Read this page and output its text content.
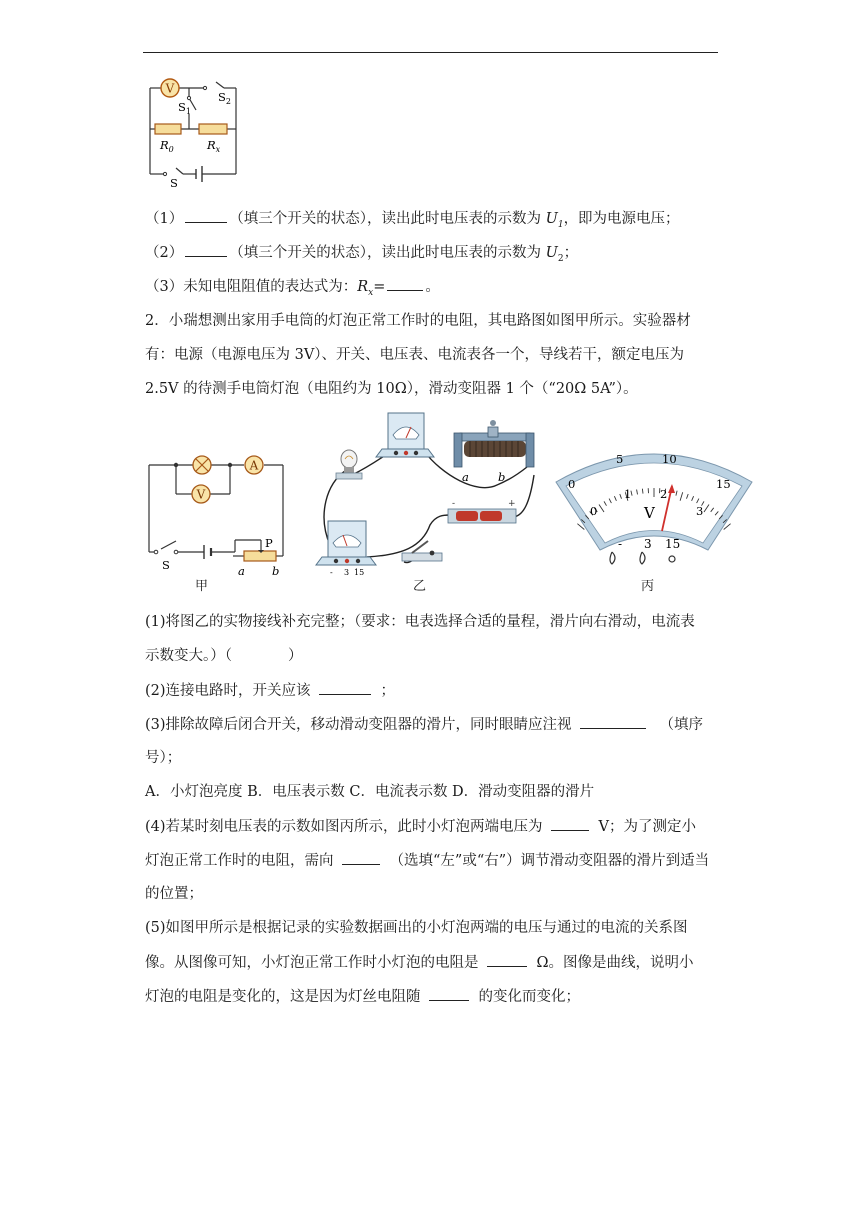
V
$S_2$
$S_1$
$R_0$	$R_x$
S
（1）	（填三个开关的状态），读出此时电压表的示数为 $U_1$，即为电源电压；
（2）	（填三个开关的状态），读出此时电压表的示数为 $U_2$；
（3）未知电阻阻值的表达式为：$R_x=$	。
2．小瑞想测出家用手电筒的灯泡正常工作时的电阻，其电路图如图甲所示。实验器材
有：电源（电源电压为 3V）、开关、电压表、电流表各一个，导线若干，额定电压为
2.5V 的待测手电筒灯泡（电阻约为 10Ω），滑动变阻器 1 个（“20Ω 5A”）。
A
V
P
S	a b
甲
a	b
-	+
- 3 15
乙
0
5	10
15
0
1 2
3
V
- 3 15
丙
(1)将图乙的实物接线补充完整；（要求：电表选择合适的量程，滑片向右滑动，电流表
示数变大。）（	）
(2)连接电路时，开关应该	；
(3)排除故障后闭合开关，移动滑动变阻器的滑片，同时眼睛应注视	（填序
号）；
A．小灯泡亮度 B．电压表示数 C．电流表示数 D．滑动变阻器的滑片
(4)若某时刻电压表的示数如图丙所示，此时小灯泡两端电压为	V；为了测定小
灯泡正常工作时的电阻，需向	（选填“左”或“右”）调节滑动变阻器的滑片到适当
的位置；
(5)如图甲所示是根据记录的实验数据画出的小灯泡两端的电压与通过的电流的关系图
像。从图像可知，小灯泡正常工作时小灯泡的电阻是	Ω。图像是曲线，说明小
灯泡的电阻是变化的，这是因为灯丝电阻随	的变化而变化；
